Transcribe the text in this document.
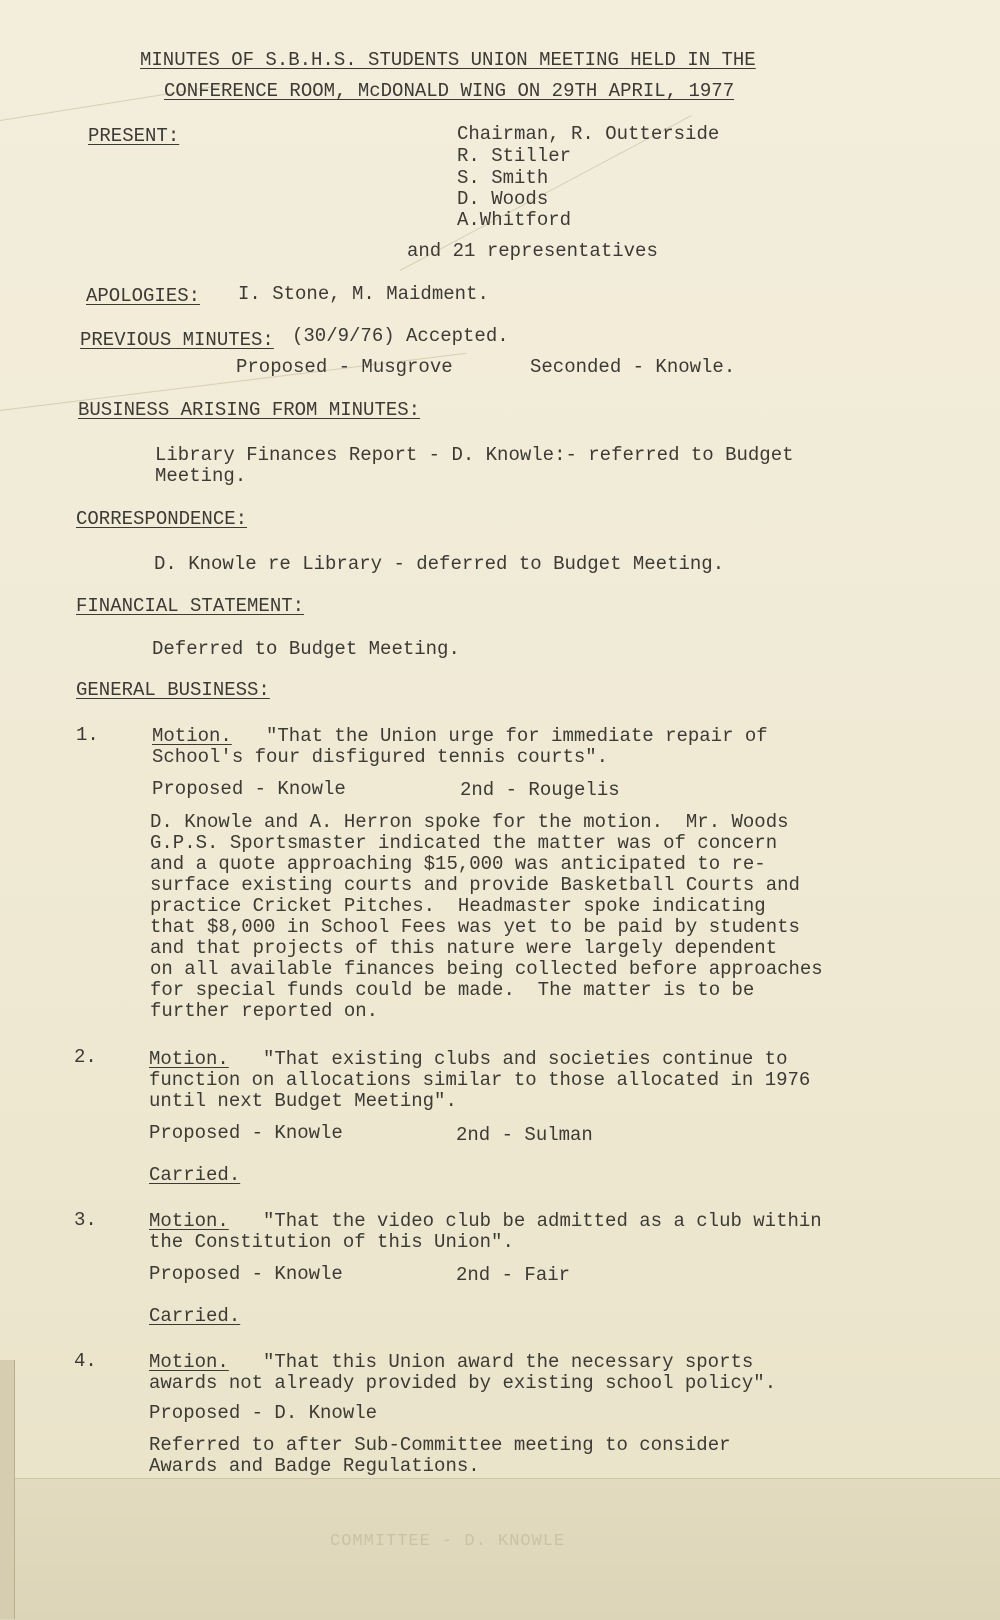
COMMITTEE - D. KNOWLE
MINUTES OF S.B.H.S. STUDENTS UNION MEETING HELD IN THE
CONFERENCE ROOM, McDONALD WING ON 29TH APRIL, 1977
PRESENT:	Chairman, R. Outterside
R. Stiller
S. Smith
D. Woods
A.Whitford
and 21 representatives
APOLOGIES: I. Stone, M. Maidment.
PREVIOUS MINUTES: (30/9/76) Accepted.
Proposed - Musgrove	Seconded - Knowle.
BUSINESS ARISING FROM MINUTES:
Library Finances Report - D. Knowle:- referred to Budget
Meeting.
CORRESPONDENCE:
D. Knowle re Library - deferred to Budget Meeting.
FINANCIAL STATEMENT:
Deferred to Budget Meeting.
GENERAL BUSINESS:
1.	Motion. "That the Union urge for immediate repair of
School's four disfigured tennis courts".
Proposed - Knowle	2nd - Rougelis
D. Knowle and A. Herron spoke for the motion.  Mr. Woods
G.P.S. Sportsmaster indicated the matter was of concern
and a quote approaching $15,000 was anticipated to re-
surface existing courts and provide Basketball Courts and
practice Cricket Pitches.  Headmaster spoke indicating
that $8,000 in School Fees was yet to be paid by students
and that projects of this nature were largely dependent
on all available finances being collected before approaches
for special funds could be made.  The matter is to be
further reported on.
2.	Motion. "That existing clubs and societies continue to
function on allocations similar to those allocated in 1976
until next Budget Meeting".
Proposed - Knowle	2nd - Sulman
Carried.
3.	Motion. "That the video club be admitted as a club within
the Constitution of this Union".
Proposed - Knowle	2nd - Fair
Carried.
4.	Motion. "That this Union award the necessary sports
awards not already provided by existing school policy".
Proposed - D. Knowle
Referred to after Sub-Committee meeting to consider
Awards and Badge Regulations.
